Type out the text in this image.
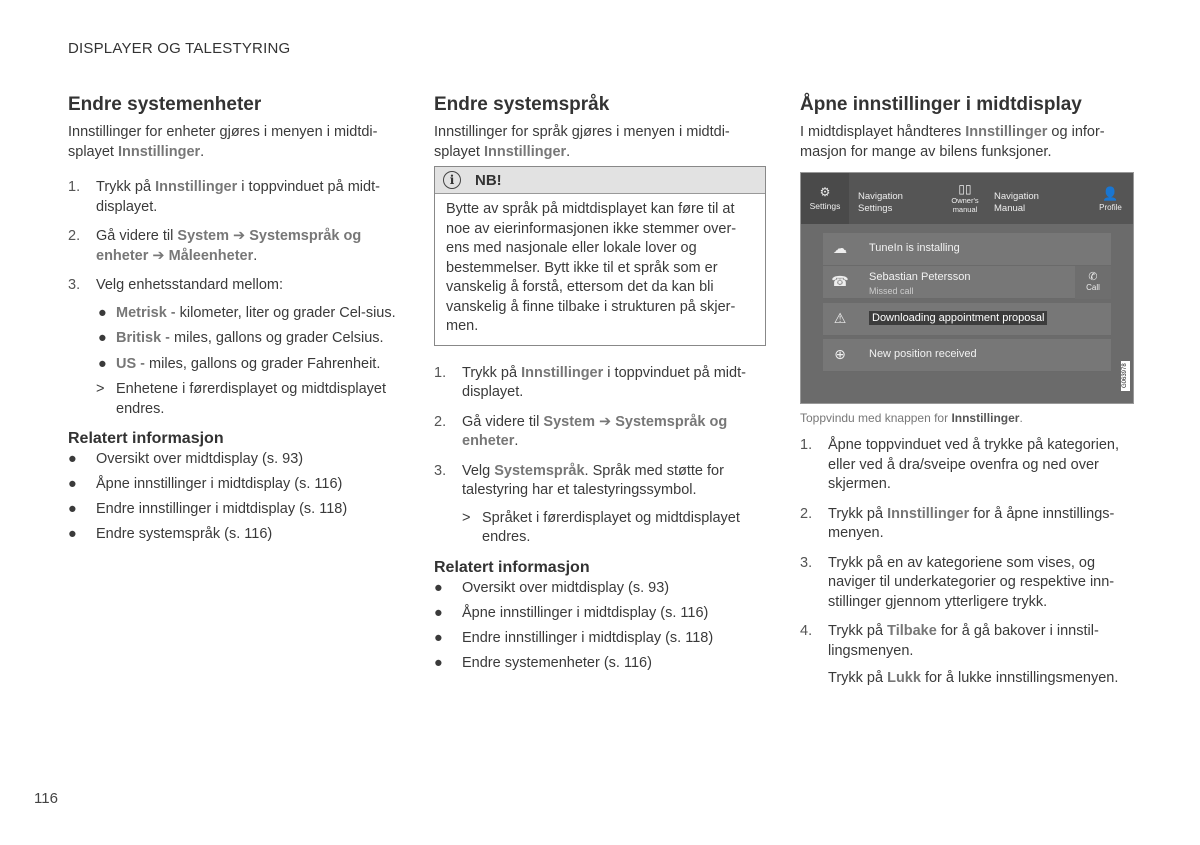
DISPLAYER OG TALESTYRING
Endre systemenheter

Innstillinger for enheter gjøres i menyen i midtdi-splayet Innstillinger.

1. Trykk på Innstillinger i toppvinduet på midt-displayet.
2. Gå videre til System ➔ Systemspråk og enheter ➔ Måleenheter.
3. Velg enhetsstandard mellom:
● Metrisk - kilometer, liter og grader Cel-sius.
● Britisk - miles, gallons og grader Celsius.
● US - miles, gallons og grader Fahrenheit.
> Enhetene i førerdisplayet og midtdisplayet endres.
Relatert informasjon
● Oversikt over midtdisplay (s. 93)
● Åpne innstillinger i midtdisplay (s. 116)
● Endre innstillinger i midtdisplay (s. 118)
● Endre systemspråk (s. 116)
Endre systemspråk

Innstillinger for språk gjøres i menyen i midtdi-splayet Innstillinger.

i	NB!
Bytte av språk på midtdisplayet kan føre til at noe av eierinformasjonen ikke stemmer over-ens med nasjonale eller lokale lover og bestemmelser. Bytt ikke til et språk som er vanskelig å forstå, ettersom det da kan bli vanskelig å finne tilbake i strukturen på skjer-men.
1. Trykk på Innstillinger i toppvinduet på midt-displayet.
2. Gå videre til System ➔ Systemspråk og enheter.
3. Velg Systemspråk. Språk med støtte for talestyring har et talestyringssymbol.
> Språket i førerdisplayet og midtdisplayet endres.
Relatert informasjon
● Oversikt over midtdisplay (s. 93)
● Åpne innstillinger i midtdisplay (s. 116)
● Endre innstillinger i midtdisplay (s. 118)
● Endre systemenheter (s. 116)
Åpne innstillinger i midtdisplay

I midtdisplayet håndteres Innstillinger og infor-masjon for mange av bilens funksjoner.

⚙
Settings
Navigation Settings
▯▯
Owner's manual
Navigation Manual
👤
Profile
☁	TuneIn is installing
☎ Sebastian Petersson
Missed call
✆
Call
⚠	Downloading appointment proposal
⊕	New position received
G063978
Toppvindu med knappen for Innstillinger.
1. Åpne toppvinduet ved å trykke på kategorien, eller ved å dra/sveipe ovenfra og ned over skjermen.
2. Trykk på Innstillinger for å åpne innstillings-menyen.
3. Trykk på en av kategoriene som vises, og naviger til underkategorier og respektive inn-stillinger gjennom ytterligere trykk.
4. Trykk på Tilbake for å gå bakover i innstil-lingsmenyen.
Trykk på Lukk for å lukke innstillingsmenyen.
116
